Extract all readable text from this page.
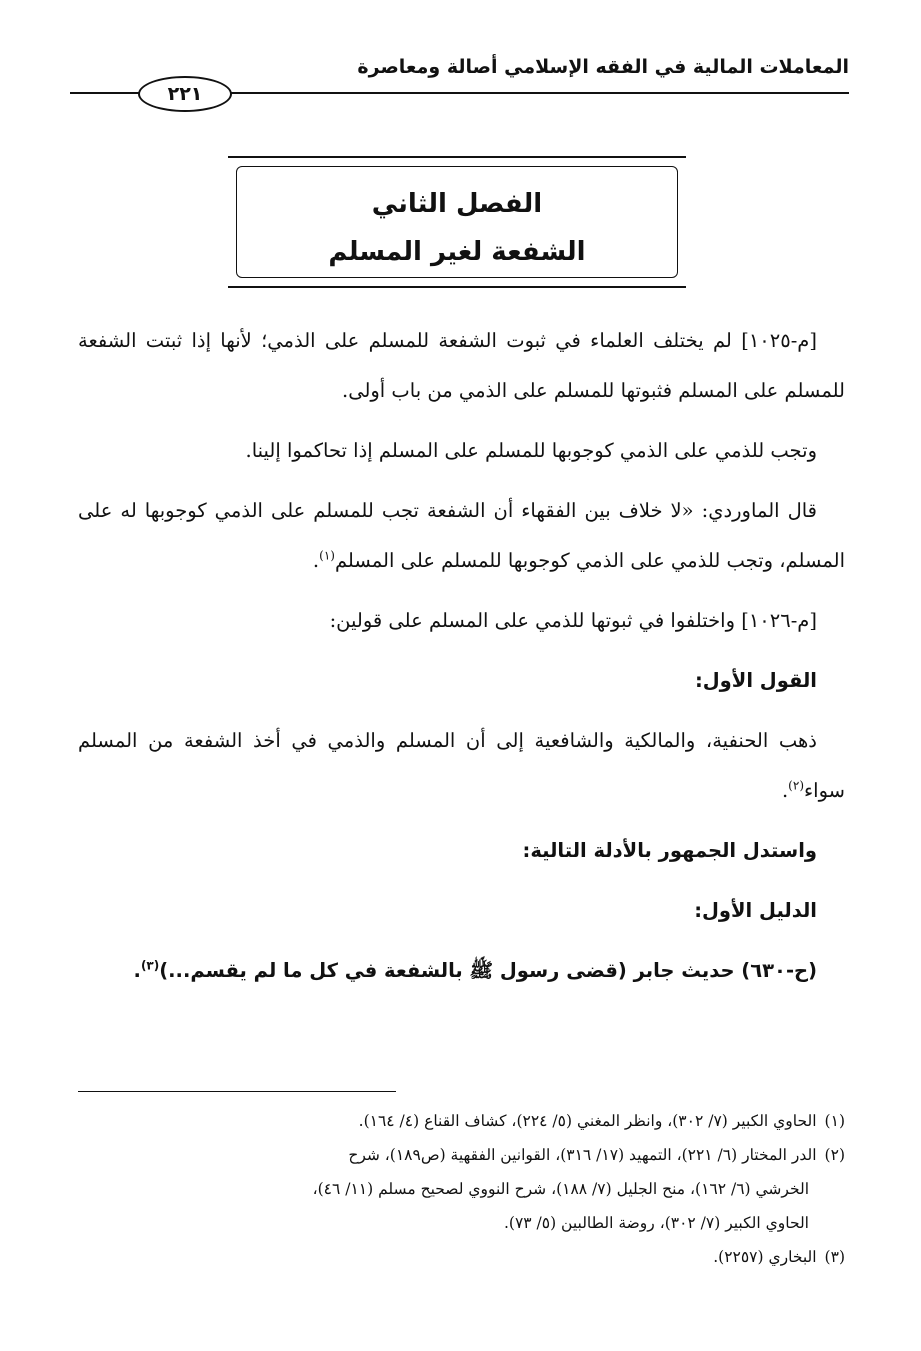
المعاملات المالية في الفقه الإسلامي أصالة ومعاصرة
٢٢١
الفصل الثاني
الشفعة لغير المسلم

[م-١٠٢٥] لم يختلف العلماء في ثبوت الشفعة للمسلم على الذمي؛ لأنها إذا ثبتت الشفعة للمسلم على المسلم فثبوتها للمسلم على الذمي من باب أولى.

وتجب للذمي على الذمي كوجوبها للمسلم على المسلم إذا تحاكموا إلينا.

قال الماوردي: «لا خلاف بين الفقهاء أن الشفعة تجب للمسلم على الذمي كوجوبها له على المسلم، وتجب للذمي على الذمي كوجوبها للمسلم على المسلم$^{(١)}$.

[م-١٠٢٦] واختلفوا في ثبوتها للذمي على المسلم على قولين:

القول الأول:

ذهب الحنفية، والمالكية والشافعية إلى أن المسلم والذمي في أخذ الشفعة من المسلم سواء$^{(٢)}$.

واستدل الجمهور بالأدلة التالية:

الدليل الأول:

(ح-٦٣٠) حديث جابر (قضى رسول ﷺ بالشفعة في كل ما لم يقسم...)$^{(٣)}$.

(١)الحاوي الكبير (٧/ ٣٠٢)، وانظر المغني (٥/ ٢٢٤)، كشاف القناع (٤/ ١٦٤).

(٢)الدر المختار (٦/ ٢٢١)، التمهيد (١٧/ ٣١٦)، القوانين الفقهية (ص١٨٩)، شرح

الخرشي (٦/ ١٦٢)، منح الجليل (٧/ ١٨٨)، شرح النووي لصحيح مسلم (١١/ ٤٦)،

الحاوي الكبير (٧/ ٣٠٢)، روضة الطالبين (٥/ ٧٣).

(٣)البخاري (٢٢٥٧).
